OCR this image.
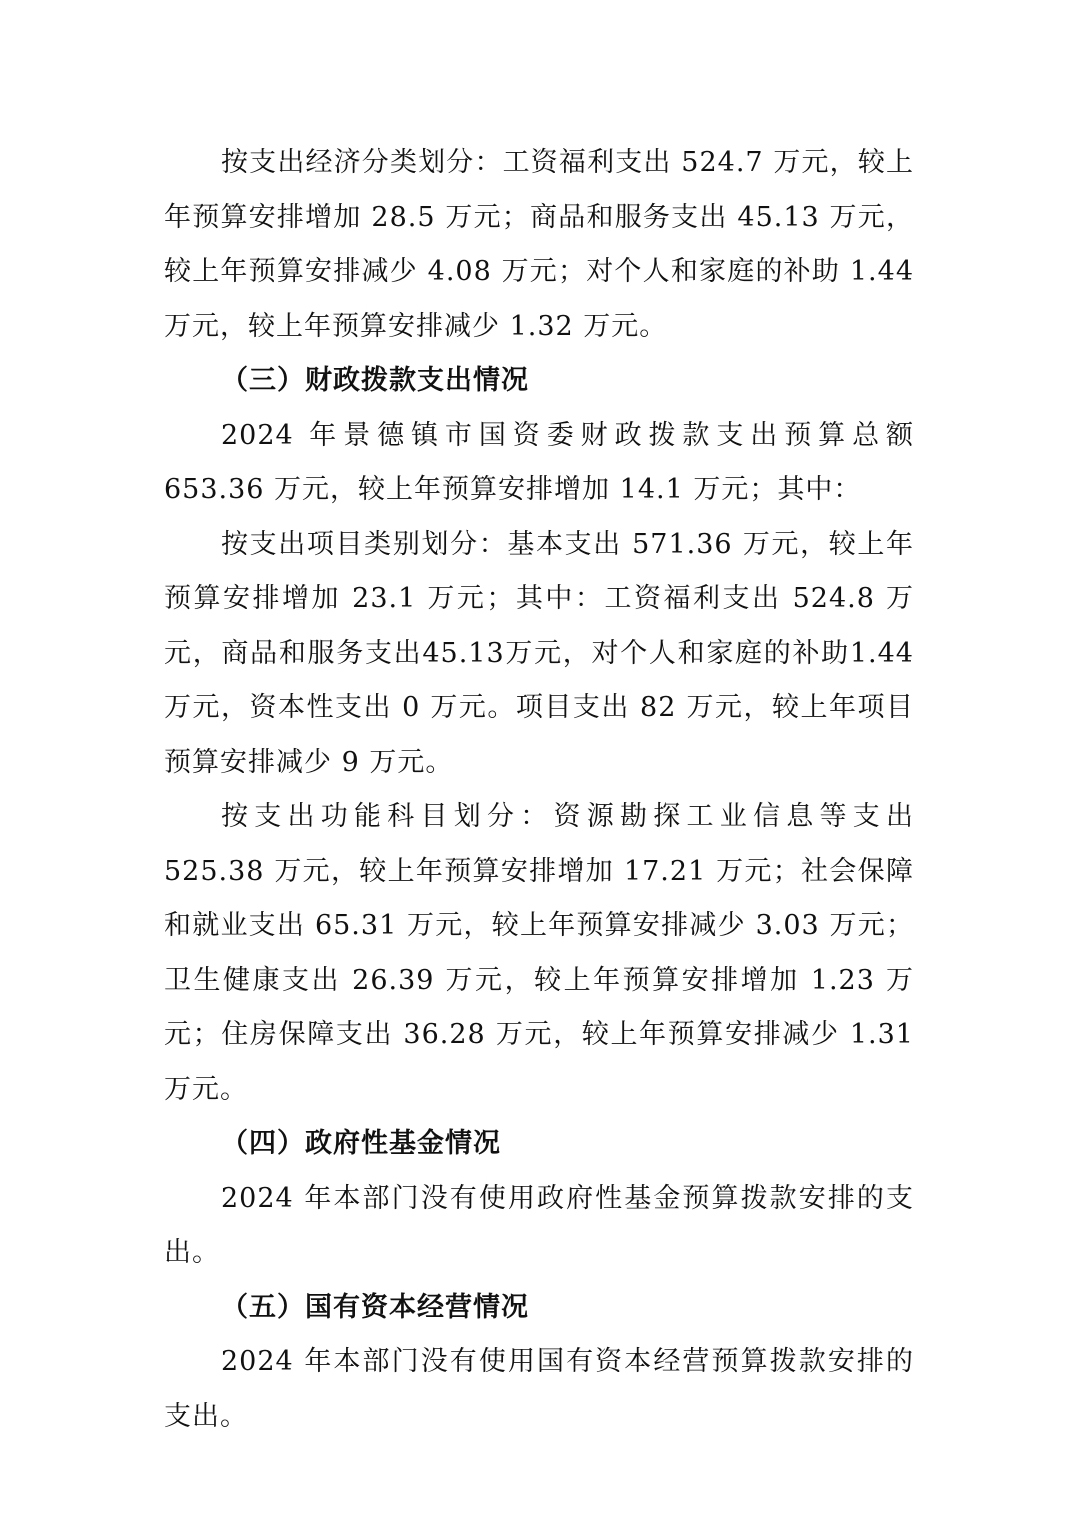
按支出经济分类划分：工资福利支出 524.7 万元，较上年预算安排增加 28.5 万元；商品和服务支出 45.13 万元，较上年预算安排减少 4.08 万元；对个人和家庭的补助 1.44 万元，较上年预算安排减少 1.32 万元。

（三）财政拨款支出情况

2024 年景德镇市国资委财政拨款支出预算总额 653.36 万元，较上年预算安排增加 14.1 万元；其中：

按支出项目类别划分：基本支出 571.36 万元，较上年预算安排增加 23.1 万元；其中：工资福利支出 524.8 万元，商品和服务支出45.13万元，对个人和家庭的补助1.44万元，资本性支出 0 万元。项目支出 82 万元，较上年项目预算安排减少 9 万元。

按支出功能科目划分：资源勘探工业信息等支出 525.38 万元，较上年预算安排增加 17.21 万元；社会保障和就业支出 65.31 万元，较上年预算安排减少 3.03 万元；卫生健康支出 26.39 万元，较上年预算安排增加 1.23 万元；住房保障支出 36.28 万元，较上年预算安排减少 1.31 万元。

（四）政府性基金情况

2024 年本部门没有使用政府性基金预算拨款安排的支出。

（五）国有资本经营情况

2024 年本部门没有使用国有资本经营预算拨款安排的支出。
